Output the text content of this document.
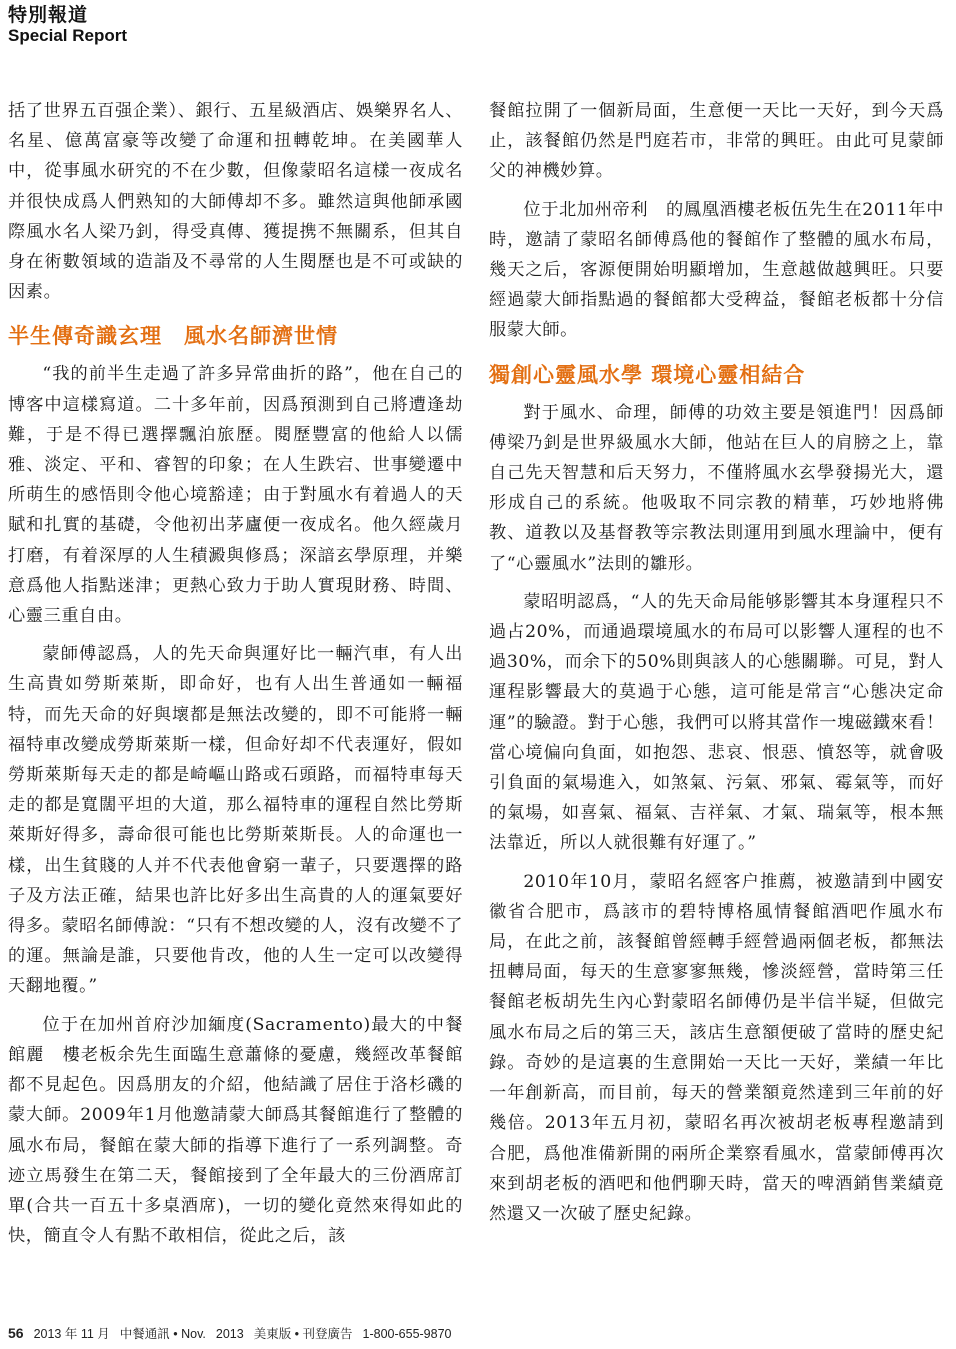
特別報道
Special Report

括了世界五百强企業）、銀行、五星級酒店、娛樂界名人、名星、億萬富豪等改變了命運和扭轉乾坤。在美國華人中，從事風水研究的不在少數，但像蒙昭名這樣一夜成名并很快成爲人們熟知的大師傅却不多。雖然這與他師承國際風水名人梁乃釗，得受真傳、獲提携不無關系，但其自身在術數領域的造詣及不尋常的人生閱歷也是不可或缺的因素。

半生傳奇識玄理　風水名師濟世情

“我的前半生走過了許多异常曲折的路”，他在自己的博客中這樣寫道。二十多年前，因爲預測到自己將遭逢劫難，于是不得已選擇飄泊旅歷。閱歷豐富的他給人以儒雅、淡定、平和、睿智的印象；在人生跌宕、世事變遷中所萌生的感悟則令他心境豁達；由于對風水有着過人的天賦和扎實的基礎，令他初出茅廬便一夜成名。他久經歲月打磨，有着深厚的人生積澱與修爲；深諳玄學原理，并樂意爲他人指點迷津；更熱心致力于助人實現財務、時間、心靈三重自由。

蒙師傅認爲，人的先天命與運好比一輛汽車，有人出生高貴如勞斯萊斯，即命好，也有人出生普通如一輛福特，而先天命的好與壞都是無法改變的，即不可能將一輛福特車改變成勞斯萊斯一樣，但命好却不代表運好，假如勞斯萊斯每天走的都是崎嶇山路或石頭路，而福特車每天走的都是寬闊平坦的大道，那么福特車的運程自然比勞斯萊斯好得多，壽命很可能也比勞斯萊斯長。人的命運也一樣，出生貧賤的人并不代表他會窮一輩子，只要選擇的路子及方法正確，結果也許比好多出生高貴的人的運氣要好得多。蒙昭名師傅說：“只有不想改變的人，沒有改變不了的運。無論是誰，只要他肯改，他的人生一定可以改變得天翻地覆。”

位于在加州首府沙加緬度(Sacramento)最大的中餐館麗　樓老板余先生面臨生意蕭條的憂慮，幾經改革餐館都不見起色。因爲朋友的介紹，他結識了居住于洛杉磯的蒙大師。2009年1月他邀請蒙大師爲其餐館進行了整體的風水布局，餐館在蒙大師的指導下進行了一系列調整。奇迹立馬發生在第二天，餐館接到了全年最大的三份酒席訂單(合共一百五十多桌酒席)，一切的變化竟然來得如此的快，簡直令人有點不敢相信，從此之后，該

餐館拉開了一個新局面，生意便一天比一天好，到今天爲止，該餐館仍然是門庭若市，非常的興旺。由此可見蒙師父的神機妙算。

位于北加州帝利　的鳳凰酒樓老板伍先生在2011年中時，邀請了蒙昭名師傅爲他的餐館作了整體的風水布局，幾天之后，客源便開始明顯增加，生意越做越興旺。只要經過蒙大師指點過的餐館都大受稗益，餐館老板都十分信服蒙大師。

獨創心靈風水學 環境心靈相結合

對于風水、命理，師傅的功效主要是領進門！因爲師傅梁乃釗是世界級風水大師，他站在巨人的肩膀之上，靠自己先天智慧和后天努力，不僅將風水玄學發揚光大，還形成自己的系統。他吸取不同宗教的精華，巧妙地將佛教、道教以及基督教等宗教法則運用到風水理論中，便有了“心靈風水”法則的雛形。

蒙昭明認爲，“人的先天命局能够影響其本身運程只不過占20%，而通過環境風水的布局可以影響人運程的也不過30%，而余下的50%則與該人的心態關聯。可見，對人運程影響最大的莫過于心態，這可能是常言“心態决定命運”的驗證。對于心態，我們可以將其當作一塊磁鐵來看！當心境偏向負面，如抱怨、悲哀、恨惡、憤怒等，就會吸引負面的氣場進入，如煞氣、污氣、邪氣、霉氣等，而好的氣場，如喜氣、福氣、吉祥氣、才氣、瑞氣等，根本無法靠近，所以人就很難有好運了。”

2010年10月，蒙昭名經客户推薦，被邀請到中國安徽省合肥市，爲該市的碧特博格風情餐館酒吧作風水布局，在此之前，該餐館曾經轉手經營過兩個老板，都無法扭轉局面，每天的生意寥寥無幾，慘淡經營，當時第三任餐館老板胡先生內心對蒙昭名師傅仍是半信半疑，但做完風水布局之后的第三天，該店生意額便破了當時的歷史紀錄。奇妙的是這裏的生意開始一天比一天好，業績一年比一年創新高，而目前，每天的營業額竟然達到三年前的好幾倍。2013年五月初，蒙昭名再次被胡老板專程邀請到合肥，爲他准備新開的兩所企業察看風水，當蒙師傅再次來到胡老板的酒吧和他們聊天時，當天的啤酒銷售業績竟然還又一次破了歷史紀錄。

56 2013 年 11 月 中餐通訊 • Nov. 2013 美東版 • 刊登廣告 1-800-655-9870
